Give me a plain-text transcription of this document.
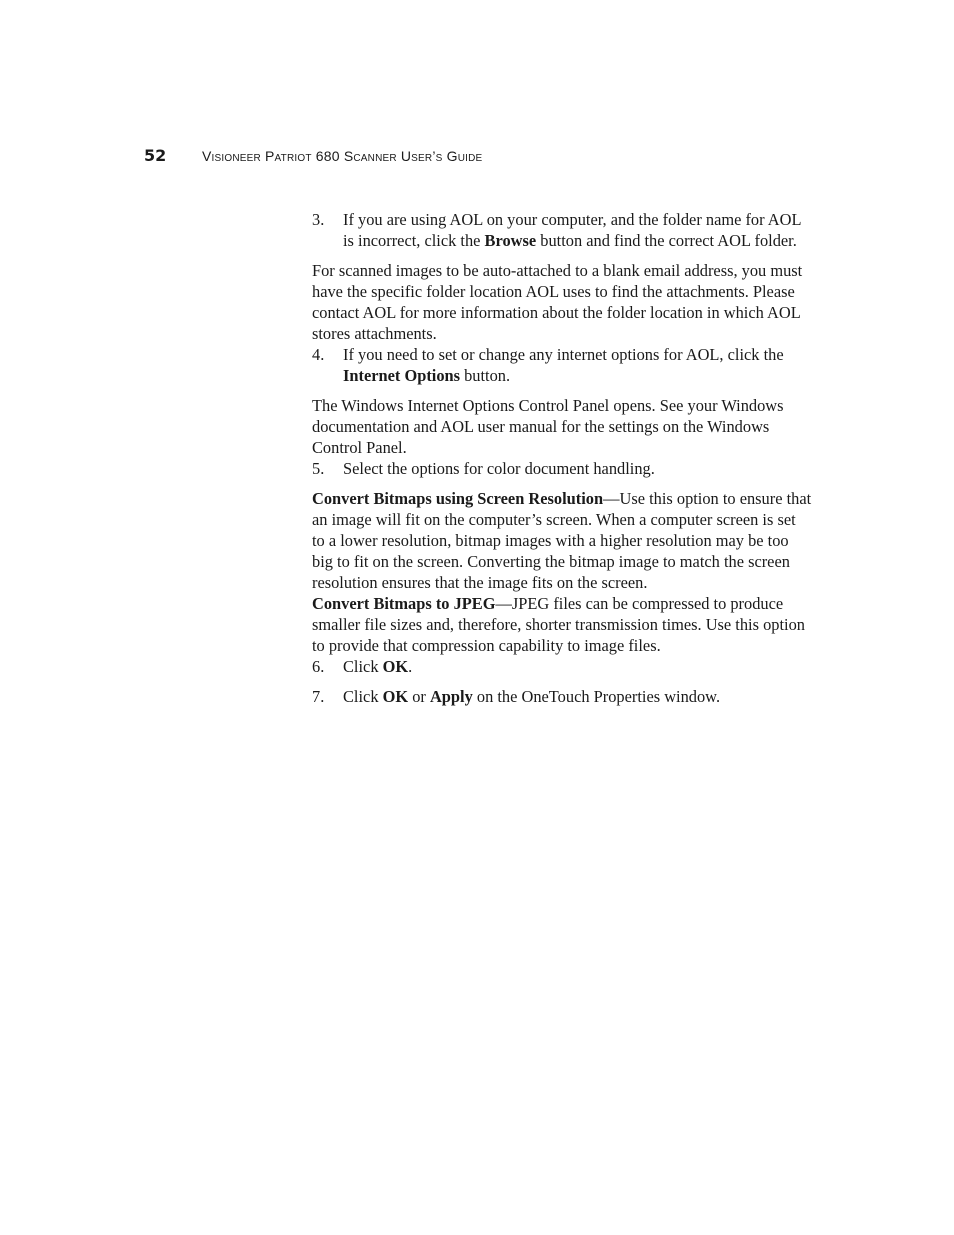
52	Visioneer Patriot 680 Scanner User’s Guide
3.	If you are using AOL on your computer, and the folder name for AOL is incorrect, click the Browse button and find the correct AOL folder.

For scanned images to be auto-attached to a blank email address, you must have the specific folder location AOL uses to find the attachments. Please contact AOL for more information about the folder location in which AOL stores attachments.

4.	If you need to set or change any internet options for AOL, click the Internet Options button.

The Windows Internet Options Control Panel opens. See your Windows documentation and AOL user manual for the settings on the Windows Control Panel.

5.	Select the options for color document handling.

Convert Bitmaps using Screen Resolution—Use this option to ensure that an image will fit on the computer’s screen. When a computer screen is set to a lower resolution, bitmap images with a higher resolution may be too big to fit on the screen. Converting the bitmap image to match the screen resolution ensures that the image fits on the screen.

Convert Bitmaps to JPEG—JPEG files can be compressed to produce smaller file sizes and, therefore, shorter transmission times. Use this option to provide that compression capability to image files.

6.	Click OK.

7.	Click OK or Apply on the OneTouch Properties window.
